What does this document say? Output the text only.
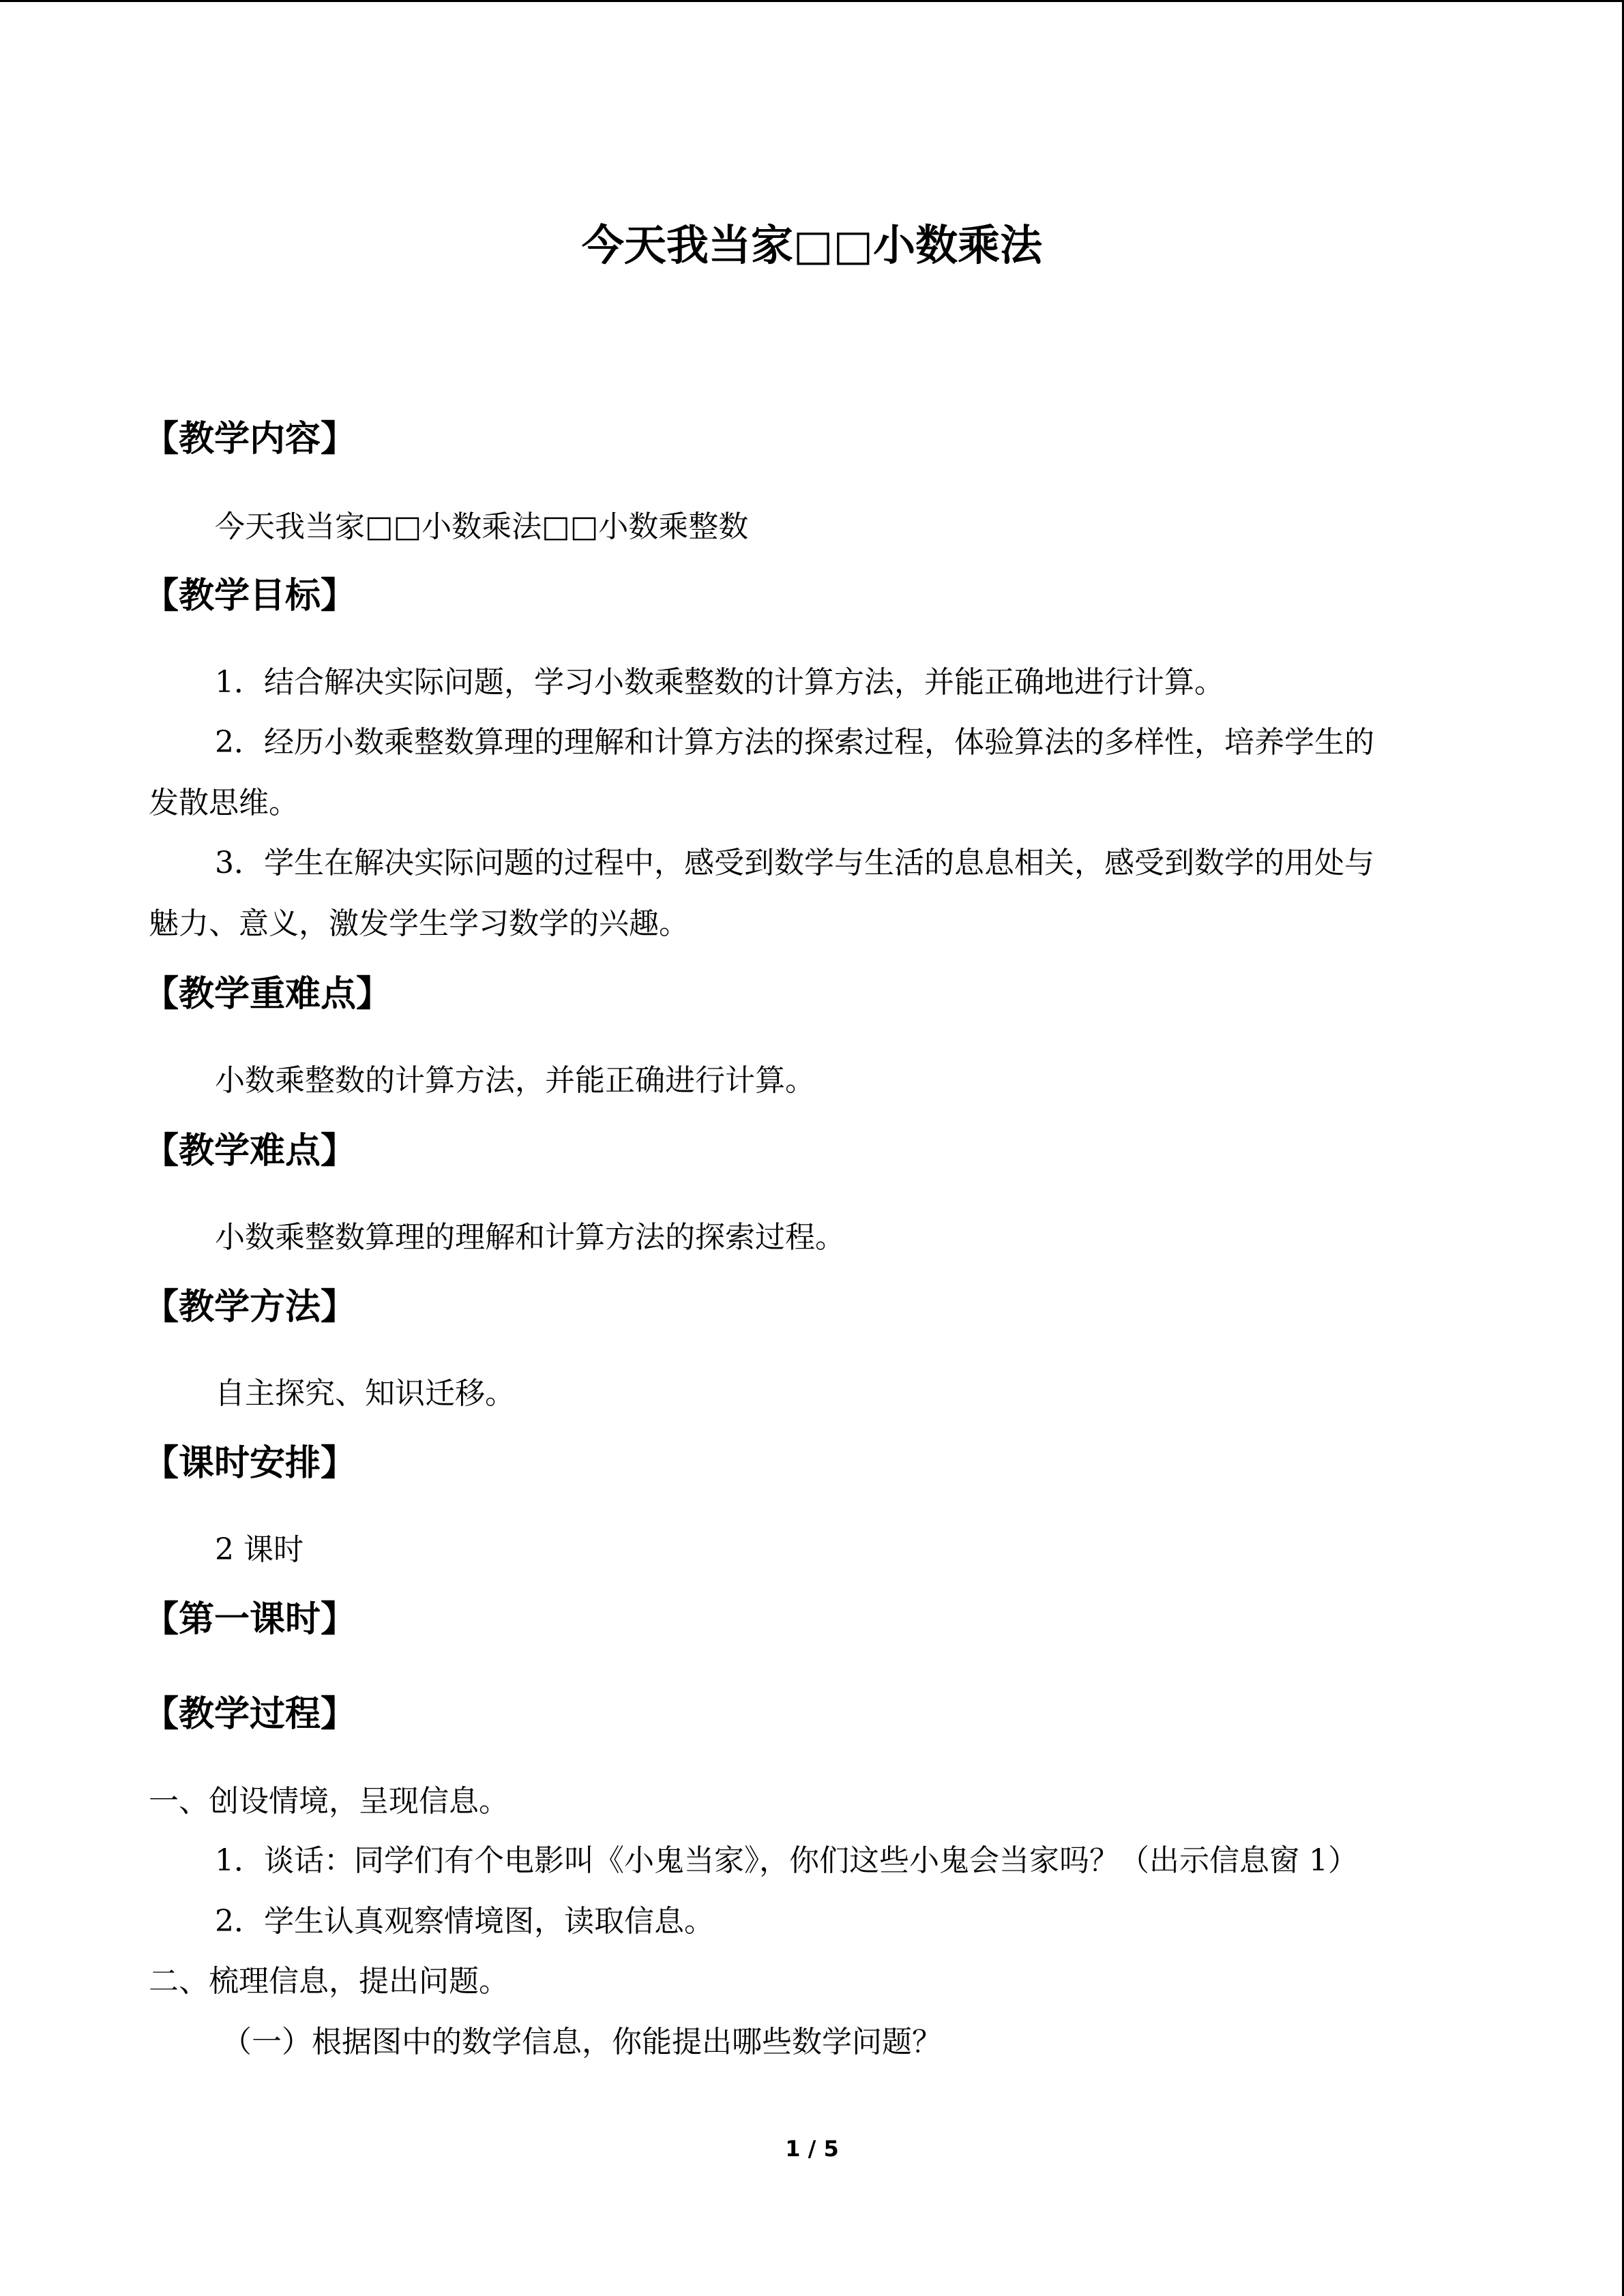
今天我当家□□小数乘法
【教学内容】
今天我当家□□小数乘法□□小数乘整数
【教学目标】
1．结合解决实际问题，学习小数乘整数的计算方法，并能正确地进行计算。
2．经历小数乘整数算理的理解和计算方法的探索过程，体验算法的多样性，培养学生的
发散思维。
3．学生在解决实际问题的过程中，感受到数学与生活的息息相关，感受到数学的用处与
魅力、意义，激发学生学习数学的兴趣。
【教学重难点】
小数乘整数的计算方法，并能正确进行计算。
【教学难点】
小数乘整数算理的理解和计算方法的探索过程。
【教学方法】
自主探究、知识迁移。
【课时安排】
2 课时
【第一课时】
【教学过程】
一、创设情境，呈现信息。
1．谈话：同学们有个电影叫《小鬼当家》，你们这些小鬼会当家吗？（出示信息窗 1）
2．学生认真观察情境图，读取信息。
二、梳理信息，提出问题。
（一）根据图中的数学信息，你能提出哪些数学问题？
1 / 5
